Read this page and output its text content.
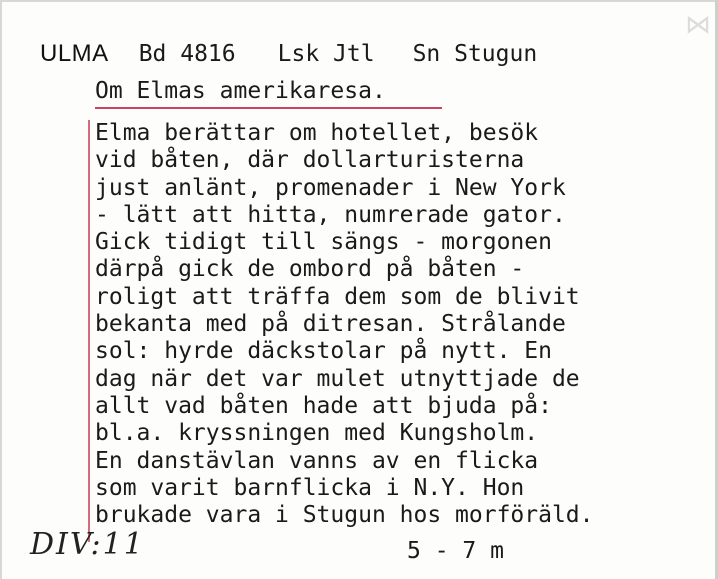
⋈
ULMA Bd 4816 Lsk Jtl Sn Stugun
Om Elmas amerikaresa.
Elma berättar om hotellet, besök
vid båten, där dollarturisterna
just anlänt, promenader i New York
- lätt att hitta, numrerade gator.
Gick tidigt till sängs - morgonen
därpå gick de ombord på båten -
roligt att träffa dem som de blivit
bekanta med på ditresan. Strålande
sol: hyrde däckstolar på nytt. En
dag när det var mulet utnyttjade de
allt vad båten hade att bjuda på:
bl.a. kryssningen med Kungsholm.
En danstävlan vanns av en flicka
som varit barnflicka i N.Y. Hon
brukade vara i Stugun hos morföräld.
DIV:11	5 - 7 m
